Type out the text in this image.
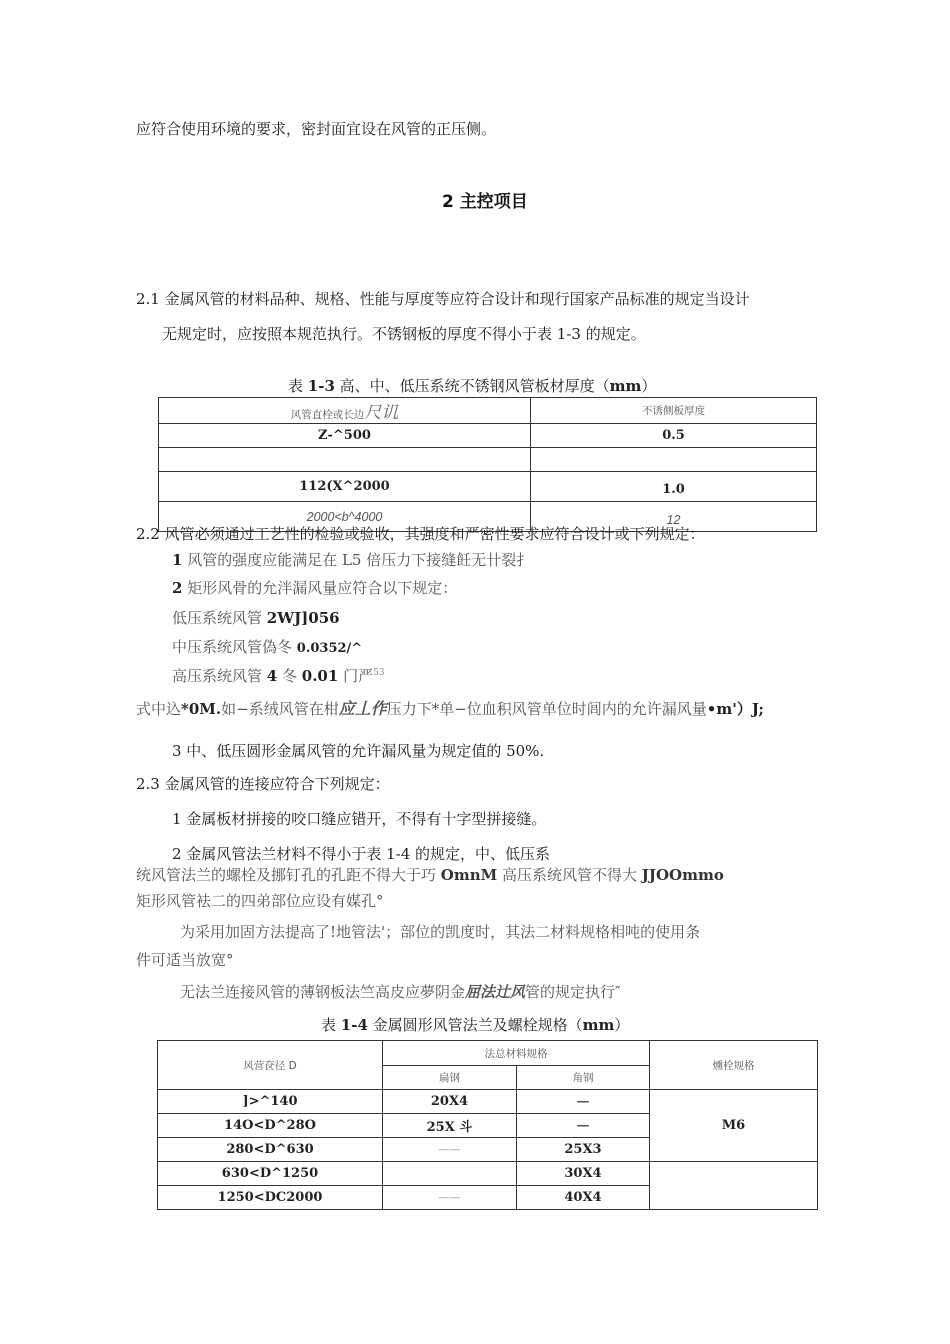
应符合使用环境的要求，密封面宜设在风管的正压侧。
2 主控项目
2.1 金属风管的材料品种、规格、性能与厚度等应符合设计和现行国家产品标准的规定当设计
无规定时，应按照本规范执行。不锈钢板的厚度不得小于表 1-3 的规定。
表 1-3 高、中、低压系统不锈钢风管板材厚度（mm）
风管直栓或长边尺讥	不诱侧板厚度
Z-^500	0.5

112(X^2000	1.0
2000<b^4000	12
2.2 风管必须通过工艺性的检验或验收，其强度和严密性要求应符合设计或下列规定：
1 风管的强度应能满足在 L5 倍压力下接缝飪无卄裂扌
2 矩形风骨的允泮漏风量应符合以下规定：
低压系统风管 2WJ]056
中压系统风管偽冬 0.0352/^
高压系统风管 4 冬 0.01 门严$^{53}$
式中込*0M.如−系绒风管在柑应丄作压力下*单−位血积风管单位时闾内的允许漏风量•m'）J;
3 中、低压圆形金属风管的允许漏风量为规定值的 50%.
2.3 金属风管的连接应符合下列规定：
1 金属板材拼接的咬口缝应错开，不得有十字型拼接缝。
2 金属风管法兰材料不得小于表 1-4 的规定，中、低压系
统风管法兰的螺栓及挪钉孔的孔距不得大于巧 OmnM 高压系统风管不得大 JJOOmmo
矩形风管袪二的四弟部位应设有媒孔°
为采用加固方法提高了!地管法'；部位的凯度时，其法二材料规格相吨的使用条
件可适当放宽°
无法兰连接风管的薄钢板法竺高皮应夢阴金屈法辻风管的规定执行″
表 1-4 金属圆形风管法兰及螺栓规格（mm）
风营奁径 D	法总材料规格		燻栓规格
	扁钢	角钢	
]>^140	20X4	—	M6
14O<D^28O	25X 斗	—	
280<D^630	——	25X3	
630<D^1250		30X4	
1250<DC2000	——	40X4	
